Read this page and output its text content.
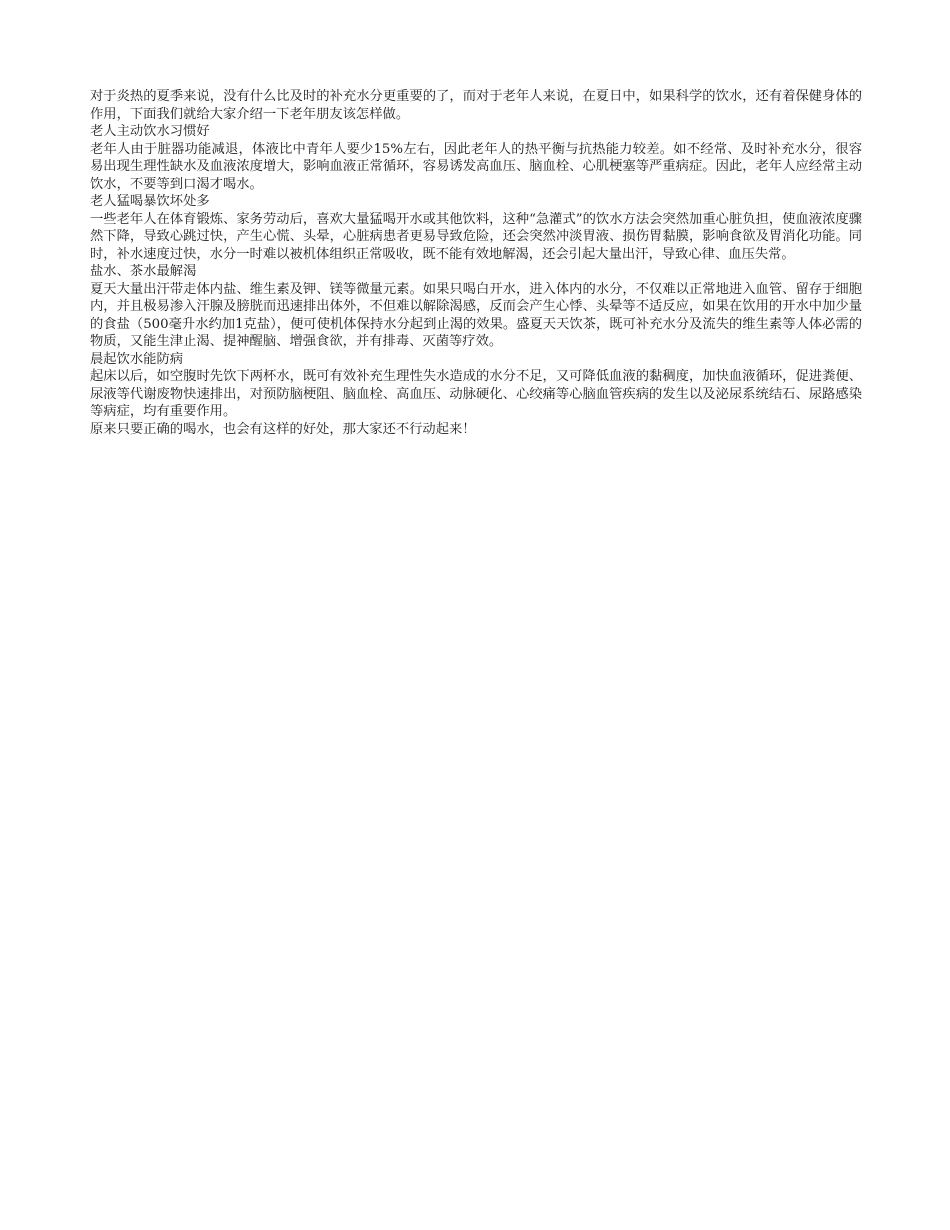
对于炎热的夏季来说，没有什么比及时的补充水分更重要的了，而对于老年人来说，在夏日中，如果科学的饮水，还有着保健身体的作用，下面我们就给大家介绍一下老年朋友该怎样做。

老人主动饮水习惯好

老年人由于脏器功能减退，体液比中青年人要少15%左右，因此老年人的热平衡与抗热能力较差。如不经常、及时补充水分，很容易出现生理性缺水及血液浓度增大，影响血液正常循环，容易诱发高血压、脑血栓、心肌梗塞等严重病症。因此，老年人应经常主动饮水，不要等到口渴才喝水。

老人猛喝暴饮坏处多

一些老年人在体育锻炼、家务劳动后，喜欢大量猛喝开水或其他饮料，这种“急灌式”的饮水方法会突然加重心脏负担，使血液浓度骤然下降，导致心跳过快，产生心慌、头晕，心脏病患者更易导致危险，还会突然冲淡胃液、损伤胃黏膜，影响食欲及胃消化功能。同时，补水速度过快，水分一时难以被机体组织正常吸收，既不能有效地解渴，还会引起大量出汗，导致心律、血压失常。

盐水、茶水最解渴

夏天大量出汗带走体内盐、维生素及钾、镁等微量元素。如果只喝白开水，进入体内的水分，不仅难以正常地进入血管、留存于细胞内，并且极易渗入汗腺及膀胱而迅速排出体外，不但难以解除渴感，反而会产生心悸、头晕等不适反应，如果在饮用的开水中加少量的食盐（500毫升水约加1克盐），便可使机体保持水分起到止渴的效果。盛夏天天饮茶，既可补充水分及流失的维生素等人体必需的物质，又能生津止渴、提神醒脑、增强食欲，并有排毒、灭菌等疗效。

晨起饮水能防病

起床以后，如空腹时先饮下两杯水，既可有效补充生理性失水造成的水分不足，又可降低血液的黏稠度，加快血液循环，促进粪便、尿液等代谢废物快速排出，对预防脑梗阻、脑血栓、高血压、动脉硬化、心绞痛等心脑血管疾病的发生以及泌尿系统结石、尿路感染等病症，均有重要作用。

原来只要正确的喝水，也会有这样的好处，那大家还不行动起来！
